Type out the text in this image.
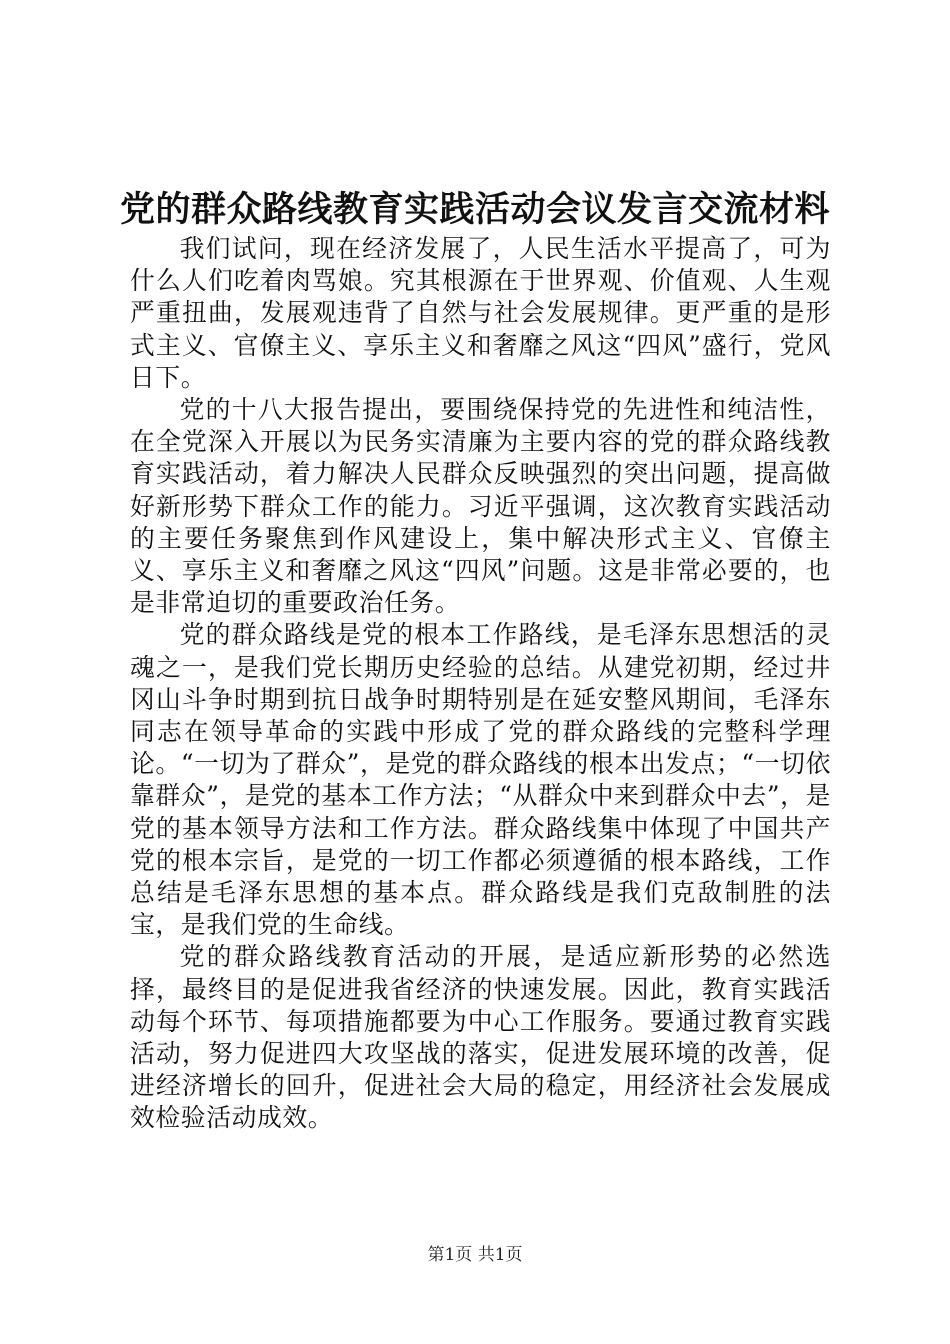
党的群众路线教育实践活动会议发言交流材料

我们试问，现在经济发展了，人民生活水平提高了，可为什么人们吃着肉骂娘。究其根源在于世界观、价值观、人生观严重扭曲，发展观违背了自然与社会发展规律。更严重的是形式主义、官僚主义、享乐主义和奢靡之风这“四风”盛行，党风日下。

党的十八大报告提出，要围绕保持党的先进性和纯洁性，在全党深入开展以为民务实清廉为主要内容的党的群众路线教育实践活动，着力解决人民群众反映强烈的突出问题，提高做好新形势下群众工作的能力。习近平强调，这次教育实践活动的主要任务聚焦到作风建设上，集中解决形式主义、官僚主义、享乐主义和奢靡之风这“四风”问题。这是非常必要的，也是非常迫切的重要政治任务。

党的群众路线是党的根本工作路线，是毛泽东思想活的灵魂之一，是我们党长期历史经验的总结。从建党初期，经过井冈山斗争时期到抗日战争时期特别是在延安整风期间，毛泽东同志在领导革命的实践中形成了党的群众路线的完整科学理论。“一切为了群众”，是党的群众路线的根本出发点；“一切依靠群众”，是党的基本工作方法；“从群众中来到群众中去”，是党的基本领导方法和工作方法。群众路线集中体现了中国共产党的根本宗旨，是党的一切工作都必须遵循的根本路线，工作总结是毛泽东思想的基本点。群众路线是我们克敌制胜的法宝，是我们党的生命线。

党的群众路线教育活动的开展，是适应新形势的必然选择，最终目的是促进我省经济的快速发展。因此，教育实践活动每个环节、每项措施都要为中心工作服务。要通过教育实践活动，努力促进四大攻坚战的落实，促进发展环境的改善，促进经济增长的回升，促进社会大局的稳定，用经济社会发展成效检验活动成效。

第1页 共1页
